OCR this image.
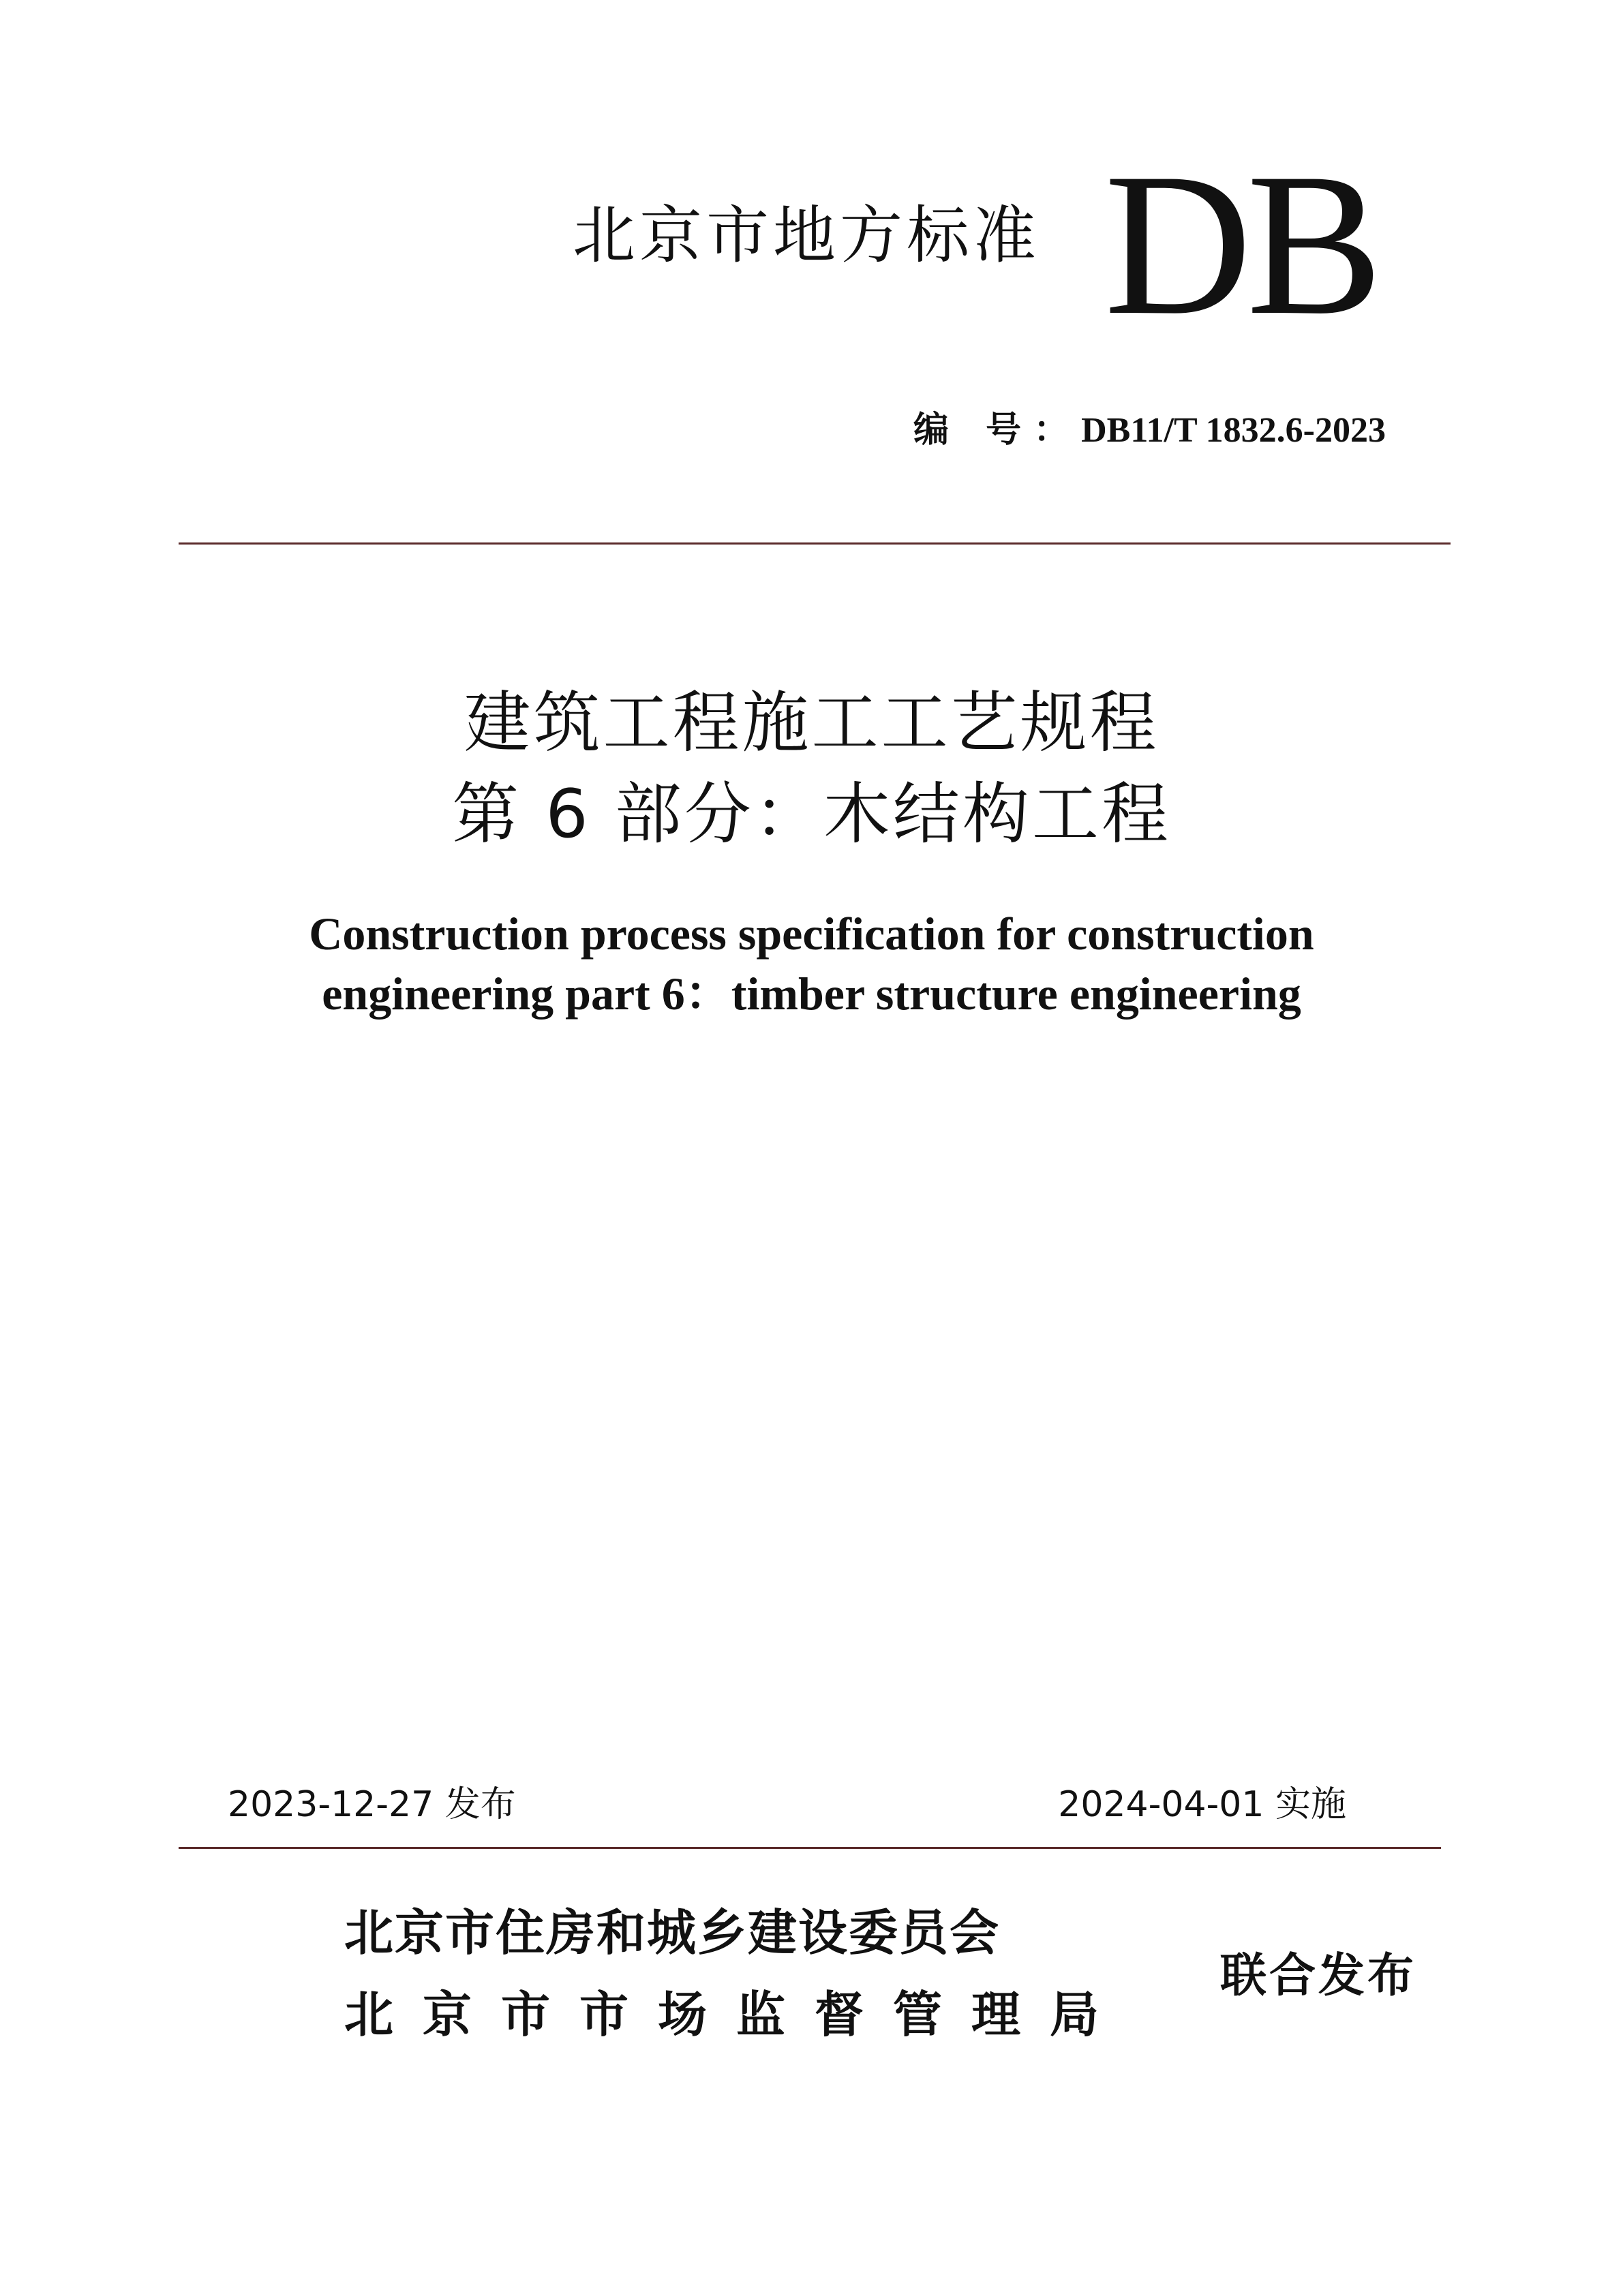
北京市地方标准 DB
编 号：DB11/T 1832.6-2023
建筑工程施工工艺规程
第 6 部分：木结构工程
Construction process specification for construction
engineering part 6：timber structure engineering
2023-12-27 发布	2024-04-01 实施
北京市住房和城乡建设委员会
北京市市场监督管理局
联合发布
